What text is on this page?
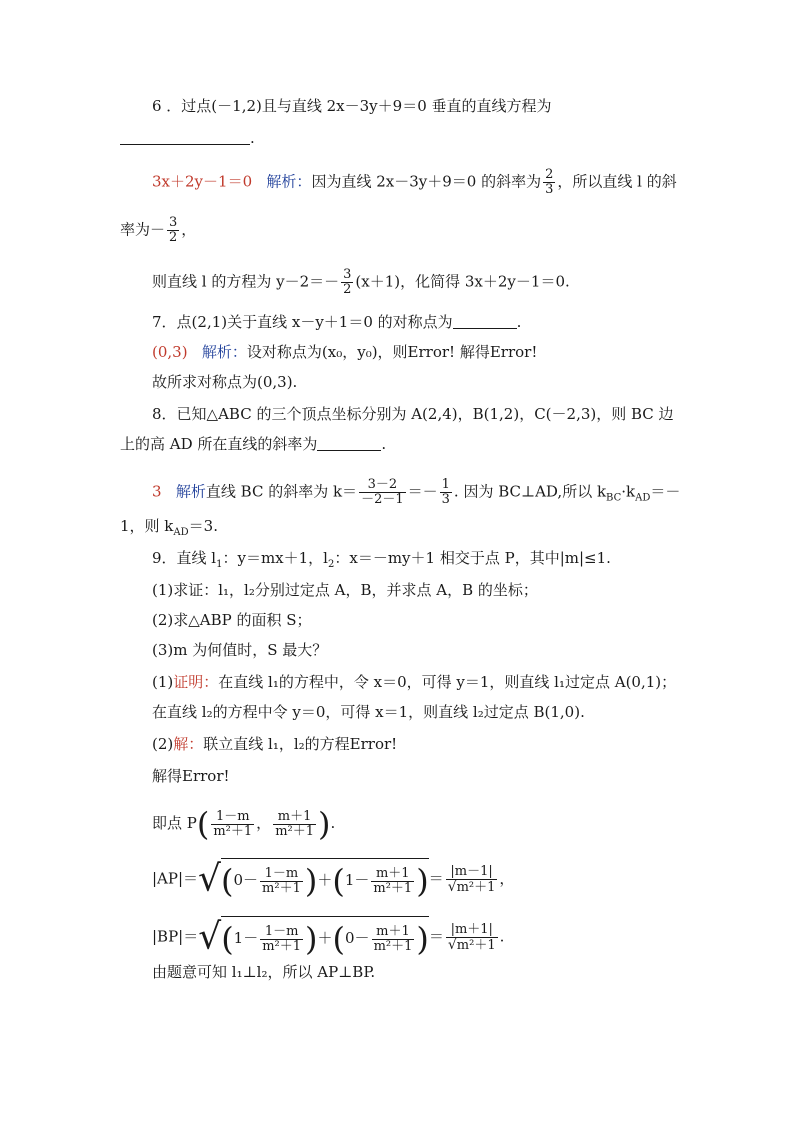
6 ．过点(－1,2)且与直线 2x－3y＋9＝0 垂直的直线方程为
.
3x＋2y－1＝0 解析：因为直线 2x－3y＋9＝0 的斜率为 $\frac{2}{3}$ ，所以直线 l 的斜
率为－ $\frac{3}{2}$ ，
则直线 l 的方程为 $y-2=- \frac{3}{2} (x+1)$，化简得 3x＋2y－1＝0.
7．点(2,1)关于直线 x－y＋1＝0 的对称点为	.
(0,3) 解析：设对称点为(x₀，y₀)，则Error! 解得Error!
故所求对称点为(0,3).
8．已知△ABC 的三个顶点坐标分别为 A(2,4)，B(1,2)，C(－2,3)，则 BC 边
上的高 AD 所在直线的斜率为	.
3 解析直线 BC 的斜率为 $k= \frac{3-2}{-2-1} =- \frac{1}{3}$ . 因为 BC⊥AD,所以 $k_{BC}\cdot k_{AD}=-$
1，则 $k_{AD}=3$.
9．直线 $l_1$：y＝mx＋1，$l_2$：x＝－my＋1 相交于点 P，其中|m|≤1.
(1)求证：l₁，l₂分别过定点 A，B，并求点 A，B 的坐标；
(2)求△ABP 的面积 S；
(3)m 为何值时，S 最大？
(1)证明：在直线 l₁的方程中，令 x＝0，可得 y＝1，则直线 l₁过定点 A(0,1)；
在直线 l₂的方程中令 y＝0，可得 x＝1，则直线 l₂过定点 B(1,0).
(2)解：联立直线 l₁，l₂的方程Error!
解得Error!
即点 $P( \frac{1-m}{\text{m²＋1}}$ ， $\frac{m+1}{\text{m²＋1}}$ ).
$|AP|=√(0- \frac{1-m}{\text{m²＋1}} )+(1- \frac{m+1}{\text{m²＋1}}$ )＝ $\frac{|m-1|}{\text{√m²＋1}}$ ，
$|BP|=√(1- \frac{1-m}{\text{m²＋1}} )+(0- \frac{m+1}{\text{m²＋1}}$ )＝ $\frac{|m+1|}{\text{√m²＋1}}$ .
由题意可知 l₁⊥l₂，所以 AP⊥BP.
